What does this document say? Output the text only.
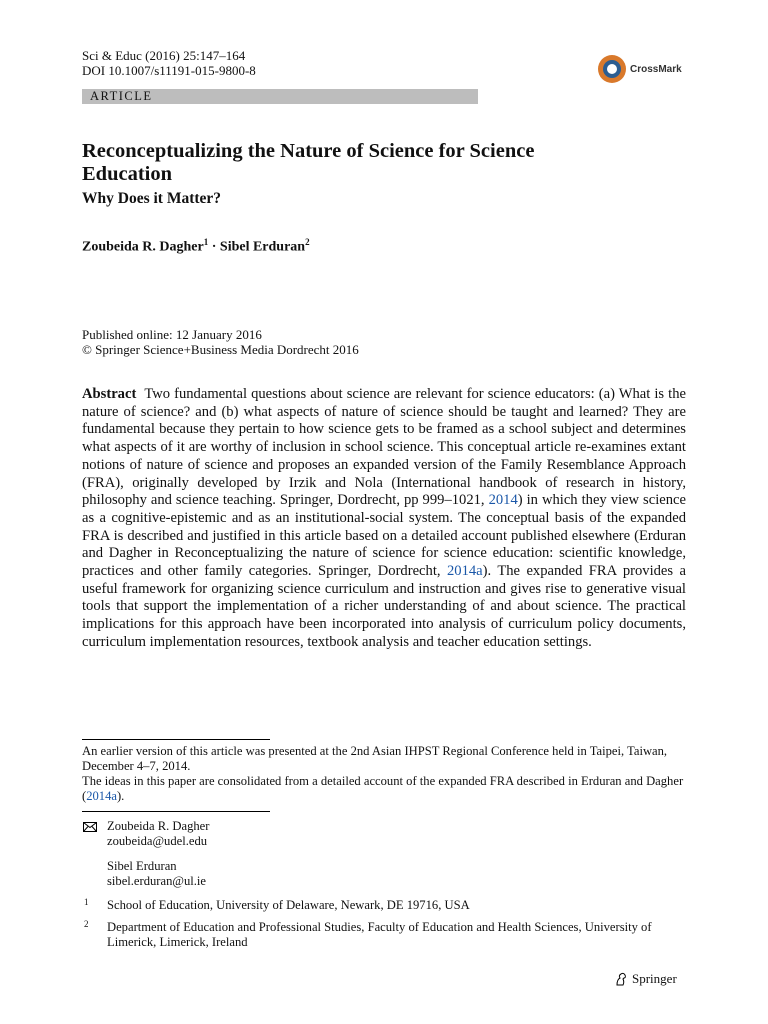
Sci & Educ (2016) 25:147–164
DOI 10.1007/s11191-015-9800-8	CrossMark
ARTICLE
Reconceptualizing the Nature of Science for Science
Education
Why Does it Matter?
Zoubeida R. Dagher$^1$ · Sibel Erduran$^2$
Published online: 12 January 2016
© Springer Science+Business Media Dordrecht 2016
Abstract Two fundamental questions about science are relevant for science educators: (a) What is the nature of science? and (b) what aspects of nature of science should be taught and learned? They are fundamental because they pertain to how science gets to be framed as a school subject and determines what aspects of it are worthy of inclusion in school science. This conceptual article re-examines extant notions of nature of science and proposes an expanded version of the Family Resemblance Approach (FRA), originally developed by Irzik and Nola (International handbook of research in history, philosophy and science teaching. Springer, Dordrecht, pp 999–1021, 2014) in which they view science as a cognitive-epistemic and as an institutional-social system. The conceptual basis of the expanded FRA is described and justified in this article based on a detailed account published elsewhere (Erduran and Dagher in Reconceptualizing the nature of science for science education: scientific knowledge, practices and other family categories. Springer, Dordrecht, 2014a). The expanded FRA provides a useful framework for organizing science curriculum and instruction and gives rise to generative visual tools that support the implementation of a richer understanding of and about science. The practical implications for this approach have been incorporated into analysis of curriculum policy documents, curriculum implementation resources, textbook analysis and teacher education settings.
An earlier version of this article was presented at the 2nd Asian IHPST Regional Conference held in Taipei, Taiwan, December 4–7, 2014.
The ideas in this paper are consolidated from a detailed account of the expanded FRA described in Erduran and Dagher (2014a).
Zoubeida R. Dagher
zoubeida@udel.edu
Sibel Erduran
sibel.erduran@ul.ie
1 School of Education, University of Delaware, Newark, DE 19716, USA
2 Department of Education and Professional Studies, Faculty of Education and Health Sciences, University of Limerick, Limerick, Ireland
Springer
